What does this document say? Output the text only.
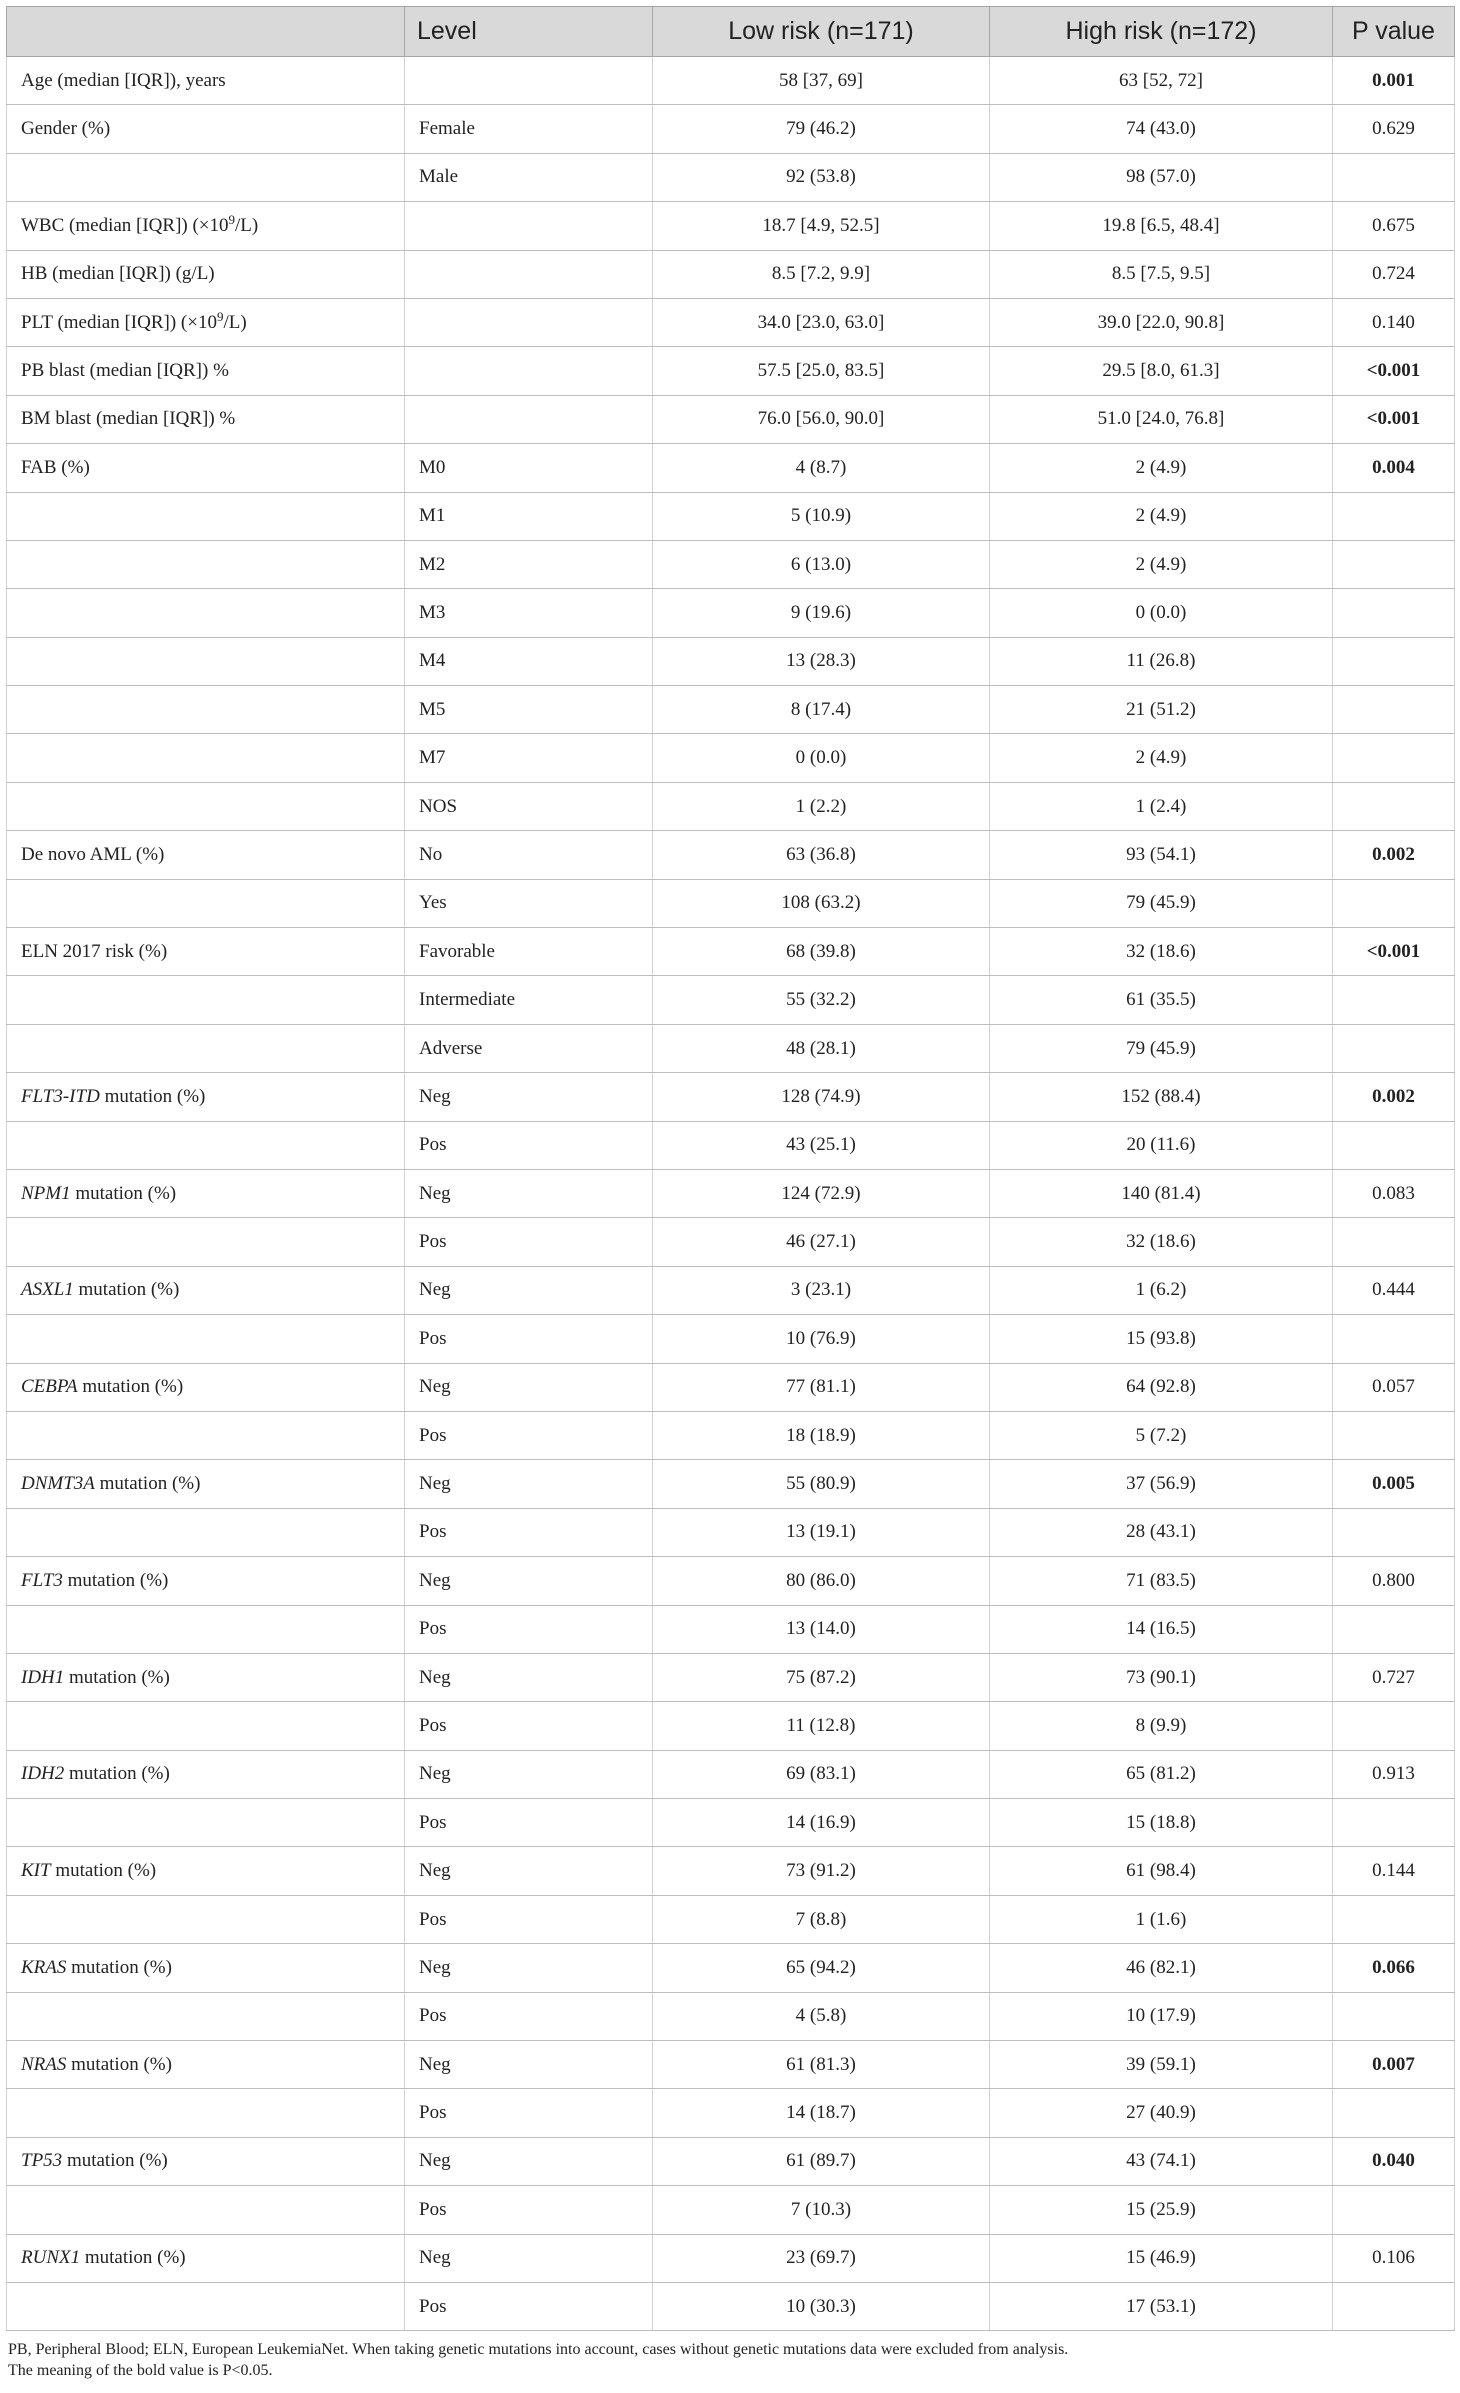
	Level	Low risk (n=171)	High risk (n=172)	P value
Age (median [IQR]), years		58 [37, 69]	63 [52, 72]	0.001
Gender (%)	Female	79 (46.2)	74 (43.0)	0.629
	Male	92 (53.8)	98 (57.0)	
WBC (median [IQR]) $(\times 10^9/L)$		18.7 [4.9, 52.5]	19.8 [6.5, 48.4]	0.675
HB (median [IQR]) (g/L)		8.5 [7.2, 9.9]	8.5 [7.5, 9.5]	0.724
PLT (median [IQR]) $(\times 10^9/L)$		34.0 [23.0, 63.0]	39.0 [22.0, 90.8]	0.140
PB blast (median [IQR]) %		57.5 [25.0, 83.5]	29.5 [8.0, 61.3]	<0.001
BM blast (median [IQR]) %		76.0 [56.0, 90.0]	51.0 [24.0, 76.8]	<0.001
FAB (%)	M0	4 (8.7)	2 (4.9)	0.004
	M1	5 (10.9)	2 (4.9)	
	M2	6 (13.0)	2 (4.9)	
	M3	9 (19.6)	0 (0.0)	
	M4	13 (28.3)	11 (26.8)	
	M5	8 (17.4)	21 (51.2)	
	M7	0 (0.0)	2 (4.9)	
	NOS	1 (2.2)	1 (2.4)	
De novo AML (%)	No	63 (36.8)	93 (54.1)	0.002
	Yes	108 (63.2)	79 (45.9)	
ELN 2017 risk (%)	Favorable	68 (39.8)	32 (18.6)	<0.001
	Intermediate	55 (32.2)	61 (35.5)	
	Adverse	48 (28.1)	79 (45.9)	
FLT3-ITD mutation (%)	Neg	128 (74.9)	152 (88.4)	0.002
	Pos	43 (25.1)	20 (11.6)	
NPM1 mutation (%)	Neg	124 (72.9)	140 (81.4)	0.083
	Pos	46 (27.1)	32 (18.6)	
ASXL1 mutation (%)	Neg	3 (23.1)	1 (6.2)	0.444
	Pos	10 (76.9)	15 (93.8)	
CEBPA mutation (%)	Neg	77 (81.1)	64 (92.8)	0.057
	Pos	18 (18.9)	5 (7.2)	
DNMT3A mutation (%)	Neg	55 (80.9)	37 (56.9)	0.005
	Pos	13 (19.1)	28 (43.1)	
FLT3 mutation (%)	Neg	80 (86.0)	71 (83.5)	0.800
	Pos	13 (14.0)	14 (16.5)	
IDH1 mutation (%)	Neg	75 (87.2)	73 (90.1)	0.727
	Pos	11 (12.8)	8 (9.9)	
IDH2 mutation (%)	Neg	69 (83.1)	65 (81.2)	0.913
	Pos	14 (16.9)	15 (18.8)	
KIT mutation (%)	Neg	73 (91.2)	61 (98.4)	0.144
	Pos	7 (8.8)	1 (1.6)	
KRAS mutation (%)	Neg	65 (94.2)	46 (82.1)	0.066
	Pos	4 (5.8)	10 (17.9)	
NRAS mutation (%)	Neg	61 (81.3)	39 (59.1)	0.007
	Pos	14 (18.7)	27 (40.9)	
TP53 mutation (%)	Neg	61 (89.7)	43 (74.1)	0.040
	Pos	7 (10.3)	15 (25.9)	
RUNX1 mutation (%)	Neg	23 (69.7)	15 (46.9)	0.106
	Pos	10 (30.3)	17 (53.1)	
PB, Peripheral Blood; ELN, European LeukemiaNet. When taking genetic mutations into account, cases without genetic mutations data were excluded from analysis.
The meaning of the bold value is P<0.05.
